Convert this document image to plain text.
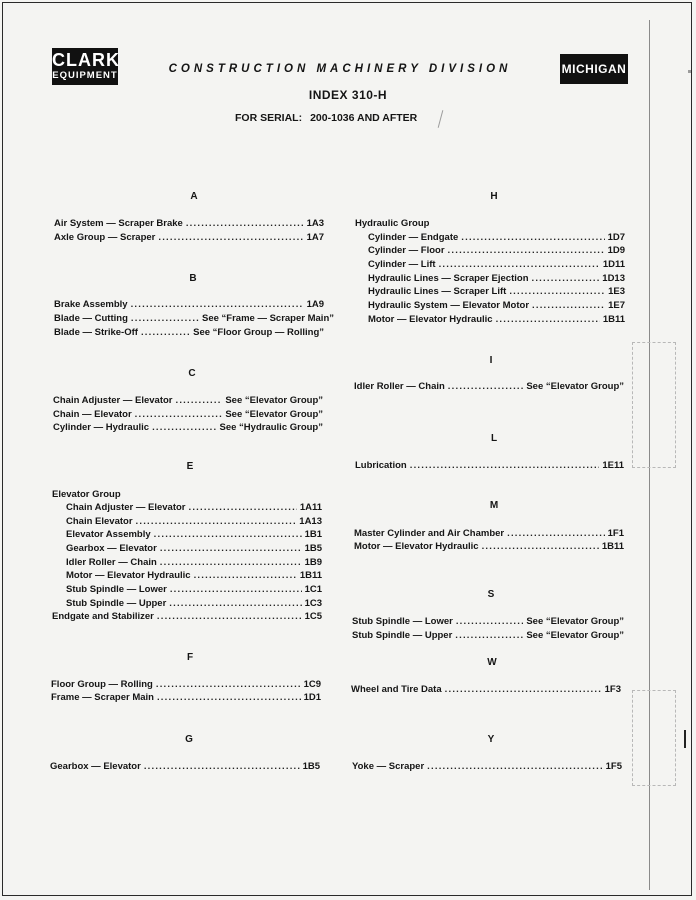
CLARK
EQUIPMENT
CONSTRUCTION MACHINERY DIVISION	MICHIGAN
INDEX 310-H
FOR SERIAL: 200-1036 AND AFTER
A
Air System — Scraper Brake .....	1A3
Axle Group — Scraper .....	1A7
B
Brake Assembly .....	1A9
Blade — Cutting .....	See “Frame — Scraper Main”
Blade — Strike-Off .....	See “Floor Group — Rolling”
C
Chain Adjuster — Elevator .....	See “Elevator Group”
Chain — Elevator .....	See “Elevator Group”
Cylinder — Hydraulic .....	See “Hydraulic Group”
E
Elevator Group
Chain Adjuster — Elevator .....	1A11
Chain Elevator .....	1A13
Elevator Assembly .....	1B1
Gearbox — Elevator .....	1B5
Idler Roller — Chain .....	1B9
Motor — Elevator Hydraulic .....	1B11
Stub Spindle — Lower .....	1C1
Stub Spindle — Upper .....	1C3
Endgate and Stabilizer .....	1C5
F
Floor Group — Rolling .....	1C9
Frame — Scraper Main .....	1D1
G
Gearbox — Elevator .....	1B5
H
Hydraulic Group
Cylinder — Endgate .....	1D7
Cylinder — Floor .....	1D9
Cylinder — Lift .....	1D11
Hydraulic Lines — Scraper Ejection .....	1D13
Hydraulic Lines — Scraper Lift .....	1E3
Hydraulic System — Elevator Motor .....	1E7
Motor — Elevator Hydraulic .....	1B11
I
Idler Roller — Chain .....	See “Elevator Group”
L
Lubrication .....	1E11
M
Master Cylinder and Air Chamber .....	1F1
Motor — Elevator Hydraulic .....	1B11
S
Stub Spindle — Lower .....	See “Elevator Group”
Stub Spindle — Upper .....	See “Elevator Group”
W
Wheel and Tire Data .....	1F3
Y
Yoke — Scraper .....	1F5
